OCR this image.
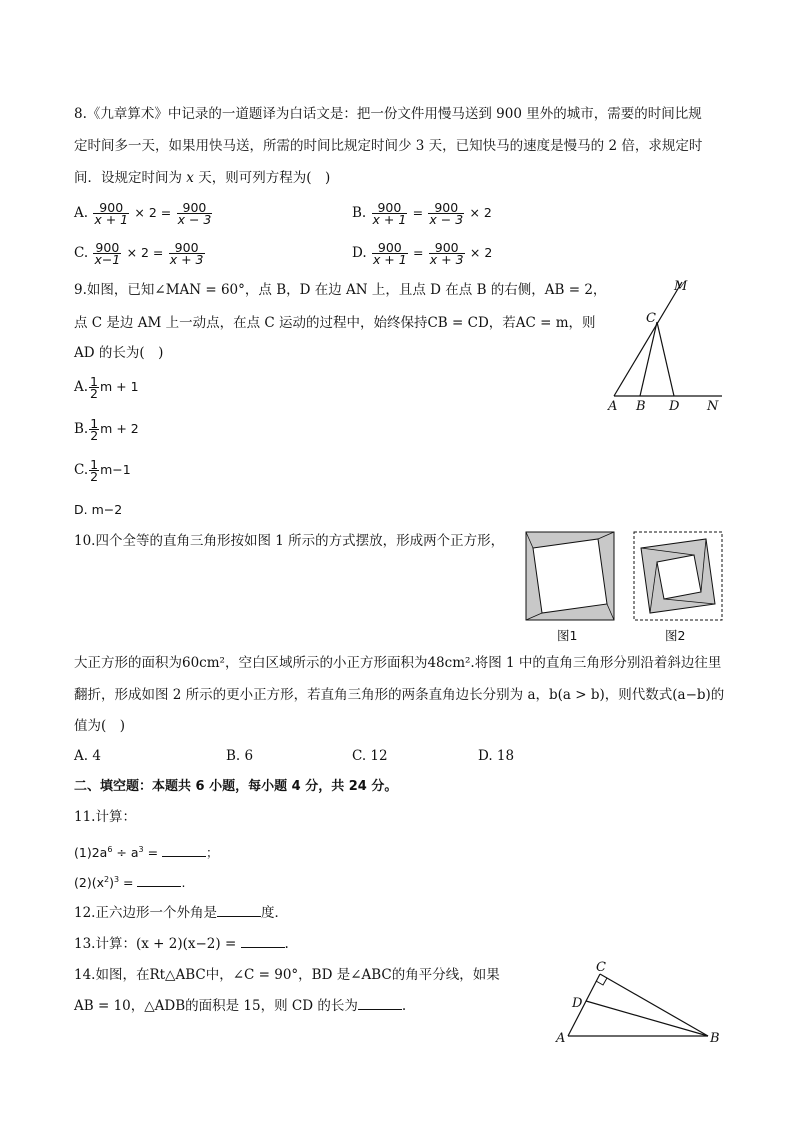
8.《九章算术》中记录的一道题译为白话文是：把一份文件用慢马送到 900 里外的城市，需要的时间比规
定时间多一天，如果用快马送，所需的时间比规定时间少 3 天，已知快马的速度是慢马的 2 倍，求规定时
间．设规定时间为 x 天，则可列方程为(　)
A. $\frac{900}{x + 1} \times 2 = \frac{900}{x - 3}$	B. $\frac{900}{x + 1} = \frac{900}{x - 3} \times 2$
C. $\frac{900}{x-1} \times 2 = \frac{900}{x + 3}$	D. $\frac{900}{x + 1} = \frac{900}{x + 3} \times 2$
9.如图，已知∠MAN = 60°，点 B，D 在边 AN 上，且点 D 在点 B 的右侧，AB = 2，
点 C 是边 AM 上一动点，在点 C 运动的过程中，始终保持CB = CD，若AC = m，则
AD 的长为(　)
A. $\frac{1}{2}$ m + 1
B. $\frac{1}{2}$ m + 2
C. $\frac{1}{2} m-1$
D. m−2
M
C
A B D N
10.四个全等的直角三角形按如图 1 所示的方式摆放，形成两个正方形，
图1	图2
大正方形的面积为60cm²，空白区域所示的小正方形面积为48cm².将图 1 中的直角三角形分别沿着斜边往里
翻折，形成如图 2 所示的更小正方形，若直角三角形的两条直角边长分别为 a，b(a > b)，则代数式(a−b)的
值为(　)
A. 4	B. 6	C. 12	D. 18
二、填空题：本题共 6 小题，每小题 4 分，共 24 分。
11.计算：
$(1)2a^6 \div a^3$ =	；
$(2)(x^2)^3$ =	.
12.正六边形一个外角是	度．
13.计算：(x + 2)(x−2) =	.
14.如图，在Rt△ABC中，∠C = 90°，BD 是∠ABC的角平分线，如果
AB = 10，△ADB的面积是 15，则 CD 的长为	.
C
D
A	B
